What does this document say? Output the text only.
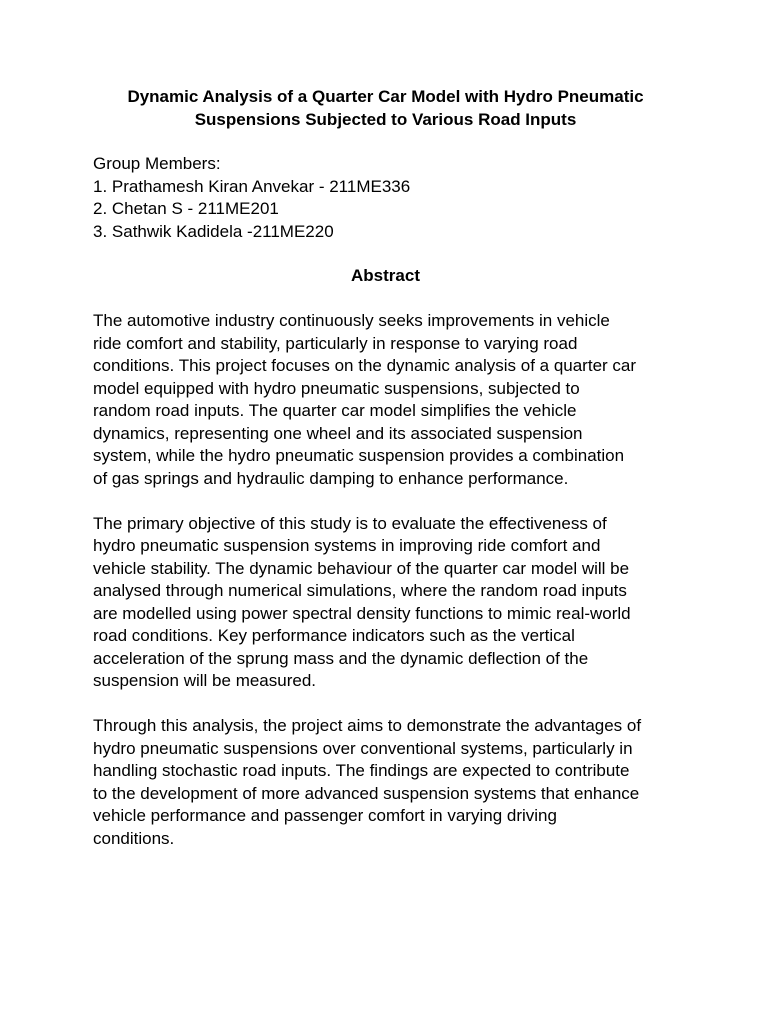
Dynamic Analysis of a Quarter Car Model with Hydro Pneumatic
Suspensions Subjected to Various Road Inputs
Group Members:
1. Prathamesh Kiran Anvekar - 211ME336
2. Chetan S - 211ME201
3. Sathwik Kadidela -211ME220
Abstract

The automotive industry continuously seeks improvements in vehicle
ride comfort and stability, particularly in response to varying road
conditions. This project focuses on the dynamic analysis of a quarter car
model equipped with hydro pneumatic suspensions, subjected to
random road inputs. The quarter car model simplifies the vehicle
dynamics, representing one wheel and its associated suspension
system, while the hydro pneumatic suspension provides a combination
of gas springs and hydraulic damping to enhance performance.

The primary objective of this study is to evaluate the effectiveness of
hydro pneumatic suspension systems in improving ride comfort and
vehicle stability. The dynamic behaviour of the quarter car model will be
analysed through numerical simulations, where the random road inputs
are modelled using power spectral density functions to mimic real-world
road conditions. Key performance indicators such as the vertical
acceleration of the sprung mass and the dynamic deflection of the
suspension will be measured.

Through this analysis, the project aims to demonstrate the advantages of
hydro pneumatic suspensions over conventional systems, particularly in
handling stochastic road inputs. The findings are expected to contribute
to the development of more advanced suspension systems that enhance
vehicle performance and passenger comfort in varying driving
conditions.
